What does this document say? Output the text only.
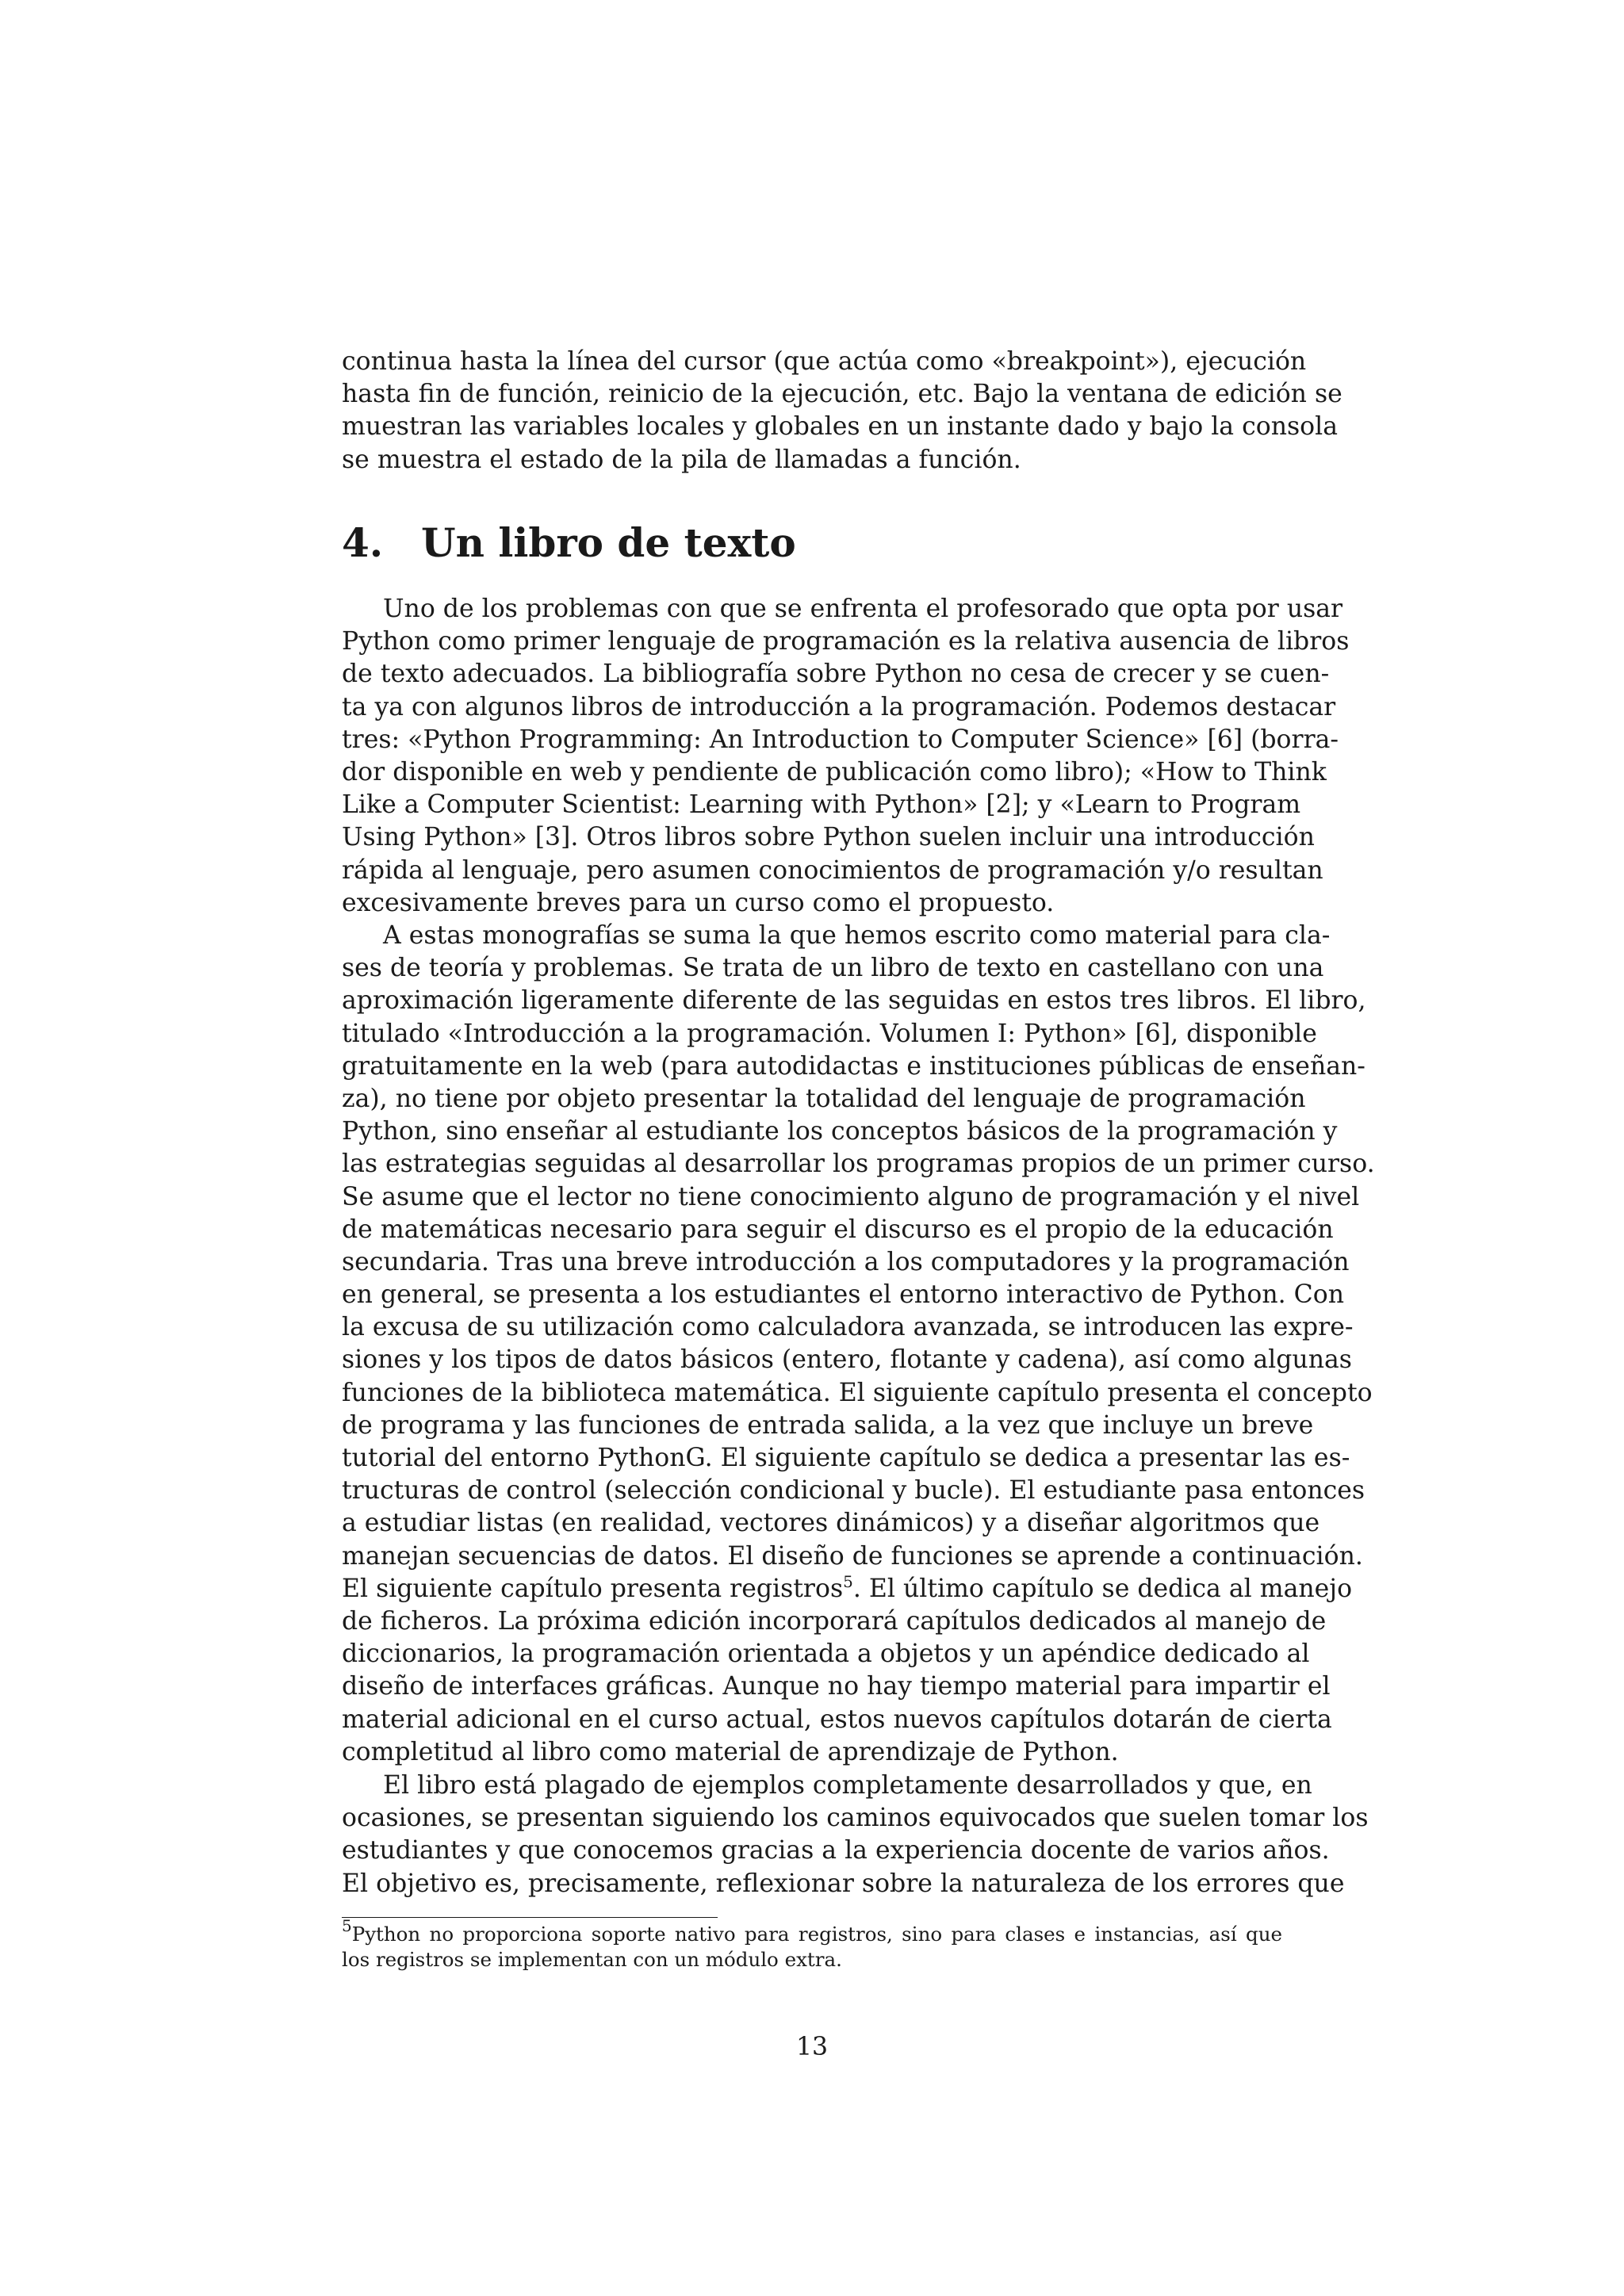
continua hasta la línea del cursor (que actúa como «breakpoint»), ejecución
hasta fin de función, reinicio de la ejecución, etc. Bajo la ventana de edición se
muestran las variables locales y globales en un instante dado y bajo la consola
se muestra el estado de la pila de llamadas a función.
4. Un libro de texto
Uno de los problemas con que se enfrenta el profesorado que opta por usar
Python como primer lenguaje de programación es la relativa ausencia de libros
de texto adecuados. La bibliografía sobre Python no cesa de crecer y se cuen-
ta ya con algunos libros de introducción a la programación. Podemos destacar
tres: «Python Programming: An Introduction to Computer Science» [6] (borra-
dor disponible en web y pendiente de publicación como libro); «How to Think
Like a Computer Scientist: Learning with Python» [2]; y «Learn to Program
Using Python» [3]. Otros libros sobre Python suelen incluir una introducción
rápida al lenguaje, pero asumen conocimientos de programación y/o resultan
excesivamente breves para un curso como el propuesto.
A estas monografías se suma la que hemos escrito como material para cla-
ses de teoría y problemas. Se trata de un libro de texto en castellano con una
aproximación ligeramente diferente de las seguidas en estos tres libros. El libro,
titulado «Introducción a la programación. Volumen I: Python» [6], disponible
gratuitamente en la web (para autodidactas e instituciones públicas de enseñan-
za), no tiene por objeto presentar la totalidad del lenguaje de programación
Python, sino enseñar al estudiante los conceptos básicos de la programación y
las estrategias seguidas al desarrollar los programas propios de un primer curso.
Se asume que el lector no tiene conocimiento alguno de programación y el nivel
de matemáticas necesario para seguir el discurso es el propio de la educación
secundaria. Tras una breve introducción a los computadores y la programación
en general, se presenta a los estudiantes el entorno interactivo de Python. Con
la excusa de su utilización como calculadora avanzada, se introducen las expre-
siones y los tipos de datos básicos (entero, flotante y cadena), así como algunas
funciones de la biblioteca matemática. El siguiente capítulo presenta el concepto
de programa y las funciones de entrada salida, a la vez que incluye un breve
tutorial del entorno PythonG. El siguiente capítulo se dedica a presentar las es-
tructuras de control (selección condicional y bucle). El estudiante pasa entonces
a estudiar listas (en realidad, vectores dinámicos) y a diseñar algoritmos que
manejan secuencias de datos. El diseño de funciones se aprende a continuación.
El siguiente capítulo presenta registros$^5$. El último capítulo se dedica al manejo
de ficheros. La próxima edición incorporará capítulos dedicados al manejo de
diccionarios, la programación orientada a objetos y un apéndice dedicado al
diseño de interfaces gráficas. Aunque no hay tiempo material para impartir el
material adicional en el curso actual, estos nuevos capítulos dotarán de cierta
completitud al libro como material de aprendizaje de Python.
El libro está plagado de ejemplos completamente desarrollados y que, en
ocasiones, se presentan siguiendo los caminos equivocados que suelen tomar los
estudiantes y que conocemos gracias a la experiencia docente de varios años.
El objetivo es, precisamente, reflexionar sobre la naturaleza de los errores que
$^5$Python no proporciona soporte nativo para registros, sino para clases e instancias, así que
los registros se implementan con un módulo extra.
13
